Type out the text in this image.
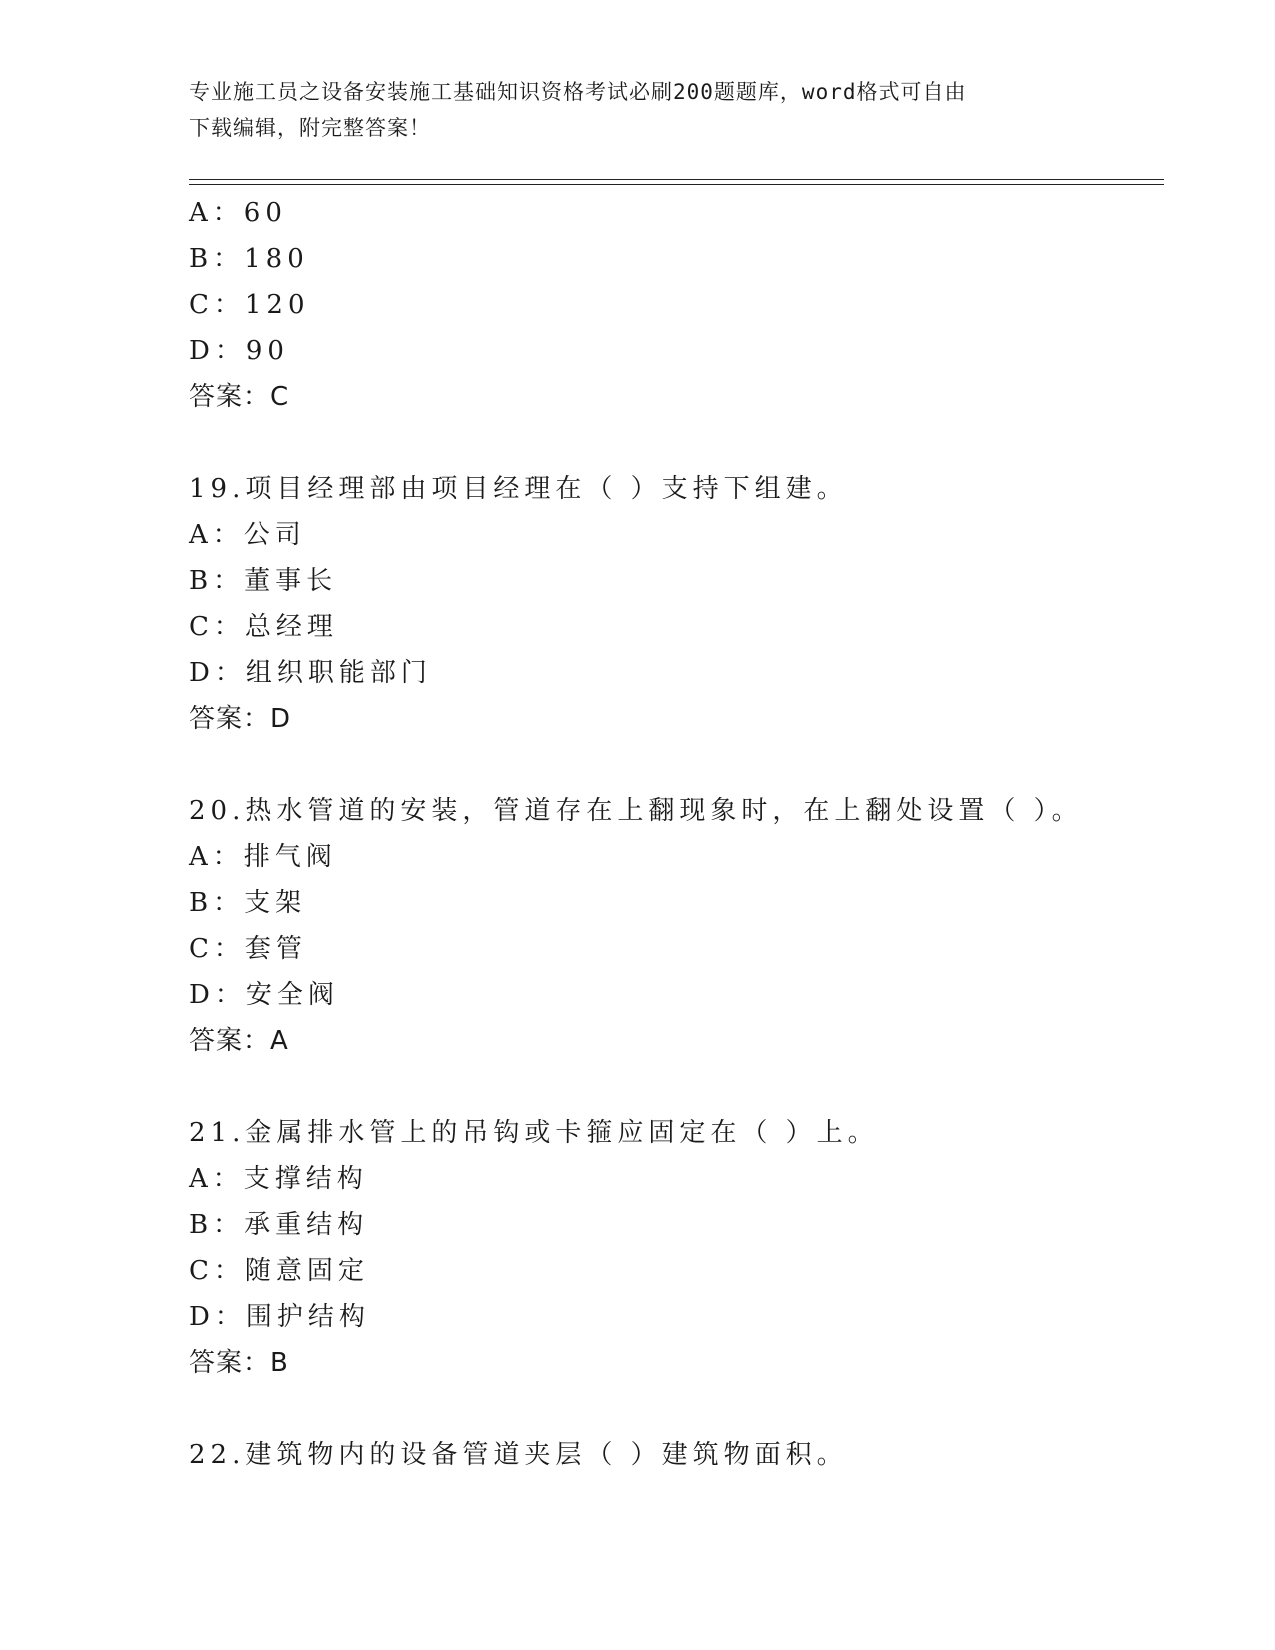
专业施工员之设备安装施工基础知识资格考试必刷200题题库，word格式可自由
下载编辑，附完整答案！
A：60
B：180
C：120
D：90
答案：C
19.项目经理部由项目经理在（ ）支持下组建。
A：公司
B：董事长
C：总经理
D：组织职能部门
答案：D
20.热水管道的安装，管道存在上翻现象时，在上翻处设置（ ）。
A：排气阀
B：支架
C：套管
D：安全阀
答案：A
21.金属排水管上的吊钩或卡箍应固定在（ ）上。
A：支撑结构
B：承重结构
C：随意固定
D：围护结构
答案：B
22.建筑物内的设备管道夹层（ ）建筑物面积。
